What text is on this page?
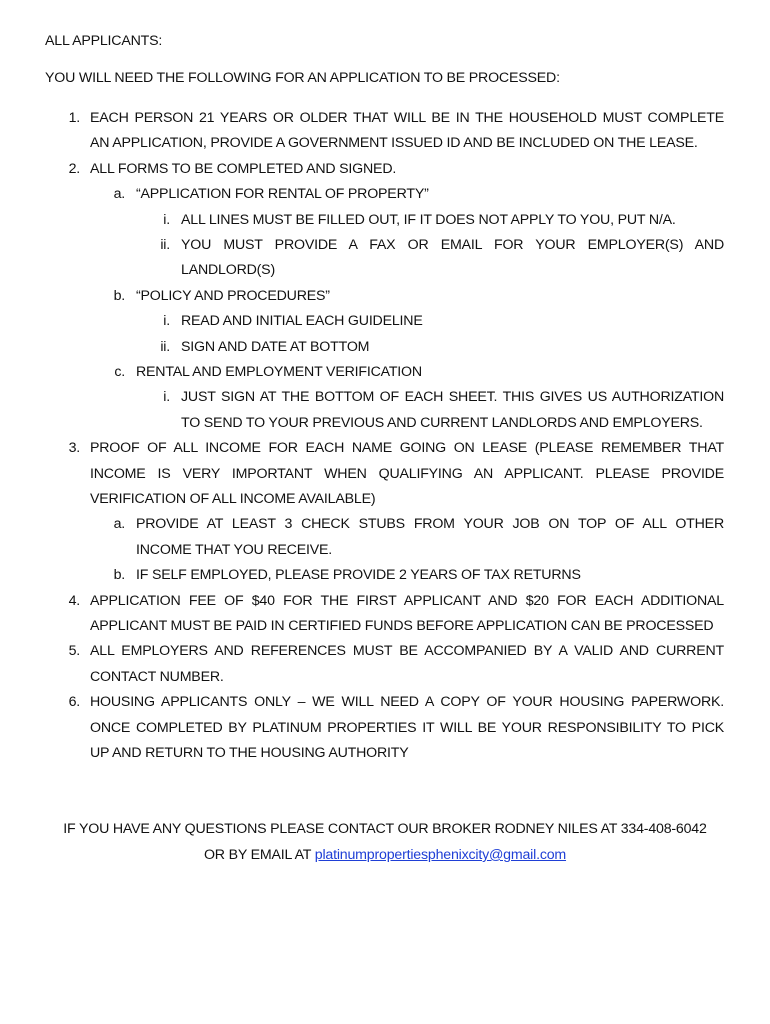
ALL APPLICANTS:
YOU WILL NEED THE FOLLOWING FOR AN APPLICATION TO BE PROCESSED:
1. EACH PERSON 21 YEARS OR OLDER THAT WILL BE IN THE HOUSEHOLD MUST COMPLETE
AN APPLICATION, PROVIDE A GOVERNMENT ISSUED ID AND BE INCLUDED ON THE LEASE.
2. ALL FORMS TO BE COMPLETED AND SIGNED.
a. “APPLICATION FOR RENTAL OF PROPERTY”
i. ALL LINES MUST BE FILLED OUT, IF IT DOES NOT APPLY TO YOU, PUT N/A.
ii. YOU MUST PROVIDE A FAX OR EMAIL FOR YOUR EMPLOYER(S) AND
LANDLORD(S)
b. “POLICY AND PROCEDURES”
i. READ AND INITIAL EACH GUIDELINE
ii. SIGN AND DATE AT BOTTOM
c. RENTAL AND EMPLOYMENT VERIFICATION
i. JUST SIGN AT THE BOTTOM OF EACH SHEET. THIS GIVES US AUTHORIZATION
TO SEND TO YOUR PREVIOUS AND CURRENT LANDLORDS AND EMPLOYERS.
3. PROOF OF ALL INCOME FOR EACH NAME GOING ON LEASE (PLEASE REMEMBER THAT
INCOME IS VERY IMPORTANT WHEN QUALIFYING AN APPLICANT. PLEASE PROVIDE
VERIFICATION OF ALL INCOME AVAILABLE)
a. PROVIDE AT LEAST 3 CHECK STUBS FROM YOUR JOB ON TOP OF ALL OTHER
INCOME THAT YOU RECEIVE.
b. IF SELF EMPLOYED, PLEASE PROVIDE 2 YEARS OF TAX RETURNS
4. APPLICATION FEE OF $40 FOR THE FIRST APPLICANT AND $20 FOR EACH ADDITIONAL
APPLICANT MUST BE PAID IN CERTIFIED FUNDS BEFORE APPLICATION CAN BE PROCESSED
5. ALL EMPLOYERS AND REFERENCES MUST BE ACCOMPANIED BY A VALID AND CURRENT
CONTACT NUMBER.
6. HOUSING APPLICANTS ONLY – WE WILL NEED A COPY OF YOUR HOUSING PAPERWORK.
ONCE COMPLETED BY PLATINUM PROPERTIES IT WILL BE YOUR RESPONSIBILITY TO PICK
UP AND RETURN TO THE HOUSING AUTHORITY
IF YOU HAVE ANY QUESTIONS PLEASE CONTACT OUR BROKER RODNEY NILES AT 334-408-6042
OR BY EMAIL AT platinumpropertiesphenixcity@gmail.com
